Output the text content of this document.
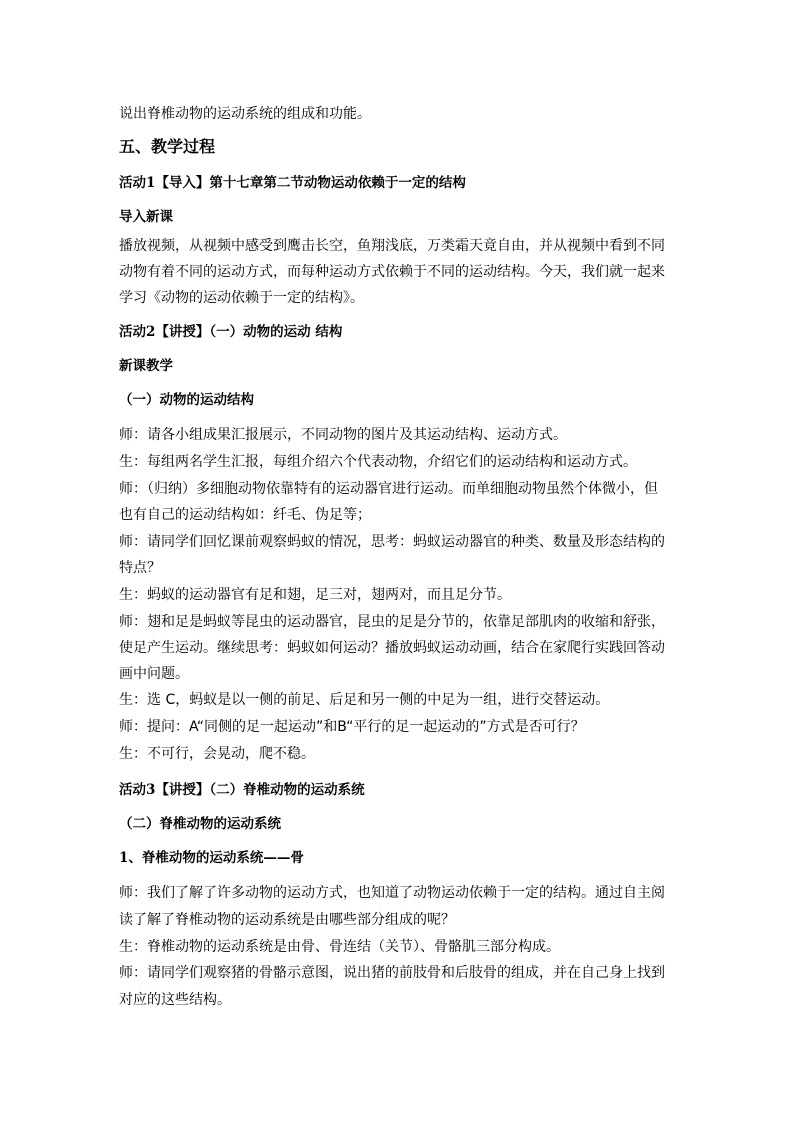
说出脊椎动物的运动系统的组成和功能。
五、教学过程
活动1【导入】第十七章第二节动物运动依赖于一定的结构
导入新课
播放视频，从视频中感受到鹰击长空，鱼翔浅底，万类霜天竟自由，并从视频中看到不同
动物有着不同的运动方式，而每种运动方式依赖于不同的运动结构。今天，我们就一起来
学习《动物的运动依赖于一定的结构》。
活动2【讲授】（一）动物的运动 结构
新课教学
（一）动物的运动结构
师：请各小组成果汇报展示，不同动物的图片及其运动结构、运动方式。
生：每组两名学生汇报，每组介绍六个代表动物，介绍它们的运动结构和运动方式。
师：（归纳）多细胞动物依靠特有的运动器官进行运动。而单细胞动物虽然个体微小，但
也有自己的运动结构如：纤毛、伪足等；
师：请同学们回忆课前观察蚂蚁的情况，思考：蚂蚁运动器官的种类、数量及形态结构的
特点？
生：蚂蚁的运动器官有足和翅，足三对，翅两对，而且足分节。
师：翅和足是蚂蚁等昆虫的运动器官，昆虫的足是分节的，依靠足部肌肉的收缩和舒张，
使足产生运动。继续思考：蚂蚁如何运动？播放蚂蚁运动动画，结合在家爬行实践回答动
画中问题。
生：选 C，蚂蚁是以一侧的前足、后足和另一侧的中足为一组，进行交替运动。
师：提问：A“同侧的足一起运动”和B“平行的足一起运动的”方式是否可行？
生：不可行，会晃动，爬不稳。
活动3【讲授】（二）脊椎动物的运动系统
（二）脊椎动物的运动系统
1、脊椎动物的运动系统——骨
师：我们了解了许多动物的运动方式，也知道了动物运动依赖于一定的结构。通过自主阅
读了解了脊椎动物的运动系统是由哪些部分组成的呢？
生：脊椎动物的运动系统是由骨、骨连结（关节）、骨骼肌三部分构成。
师：请同学们观察猪的骨骼示意图，说出猪的前肢骨和后肢骨的组成，并在自己身上找到
对应的这些结构。
